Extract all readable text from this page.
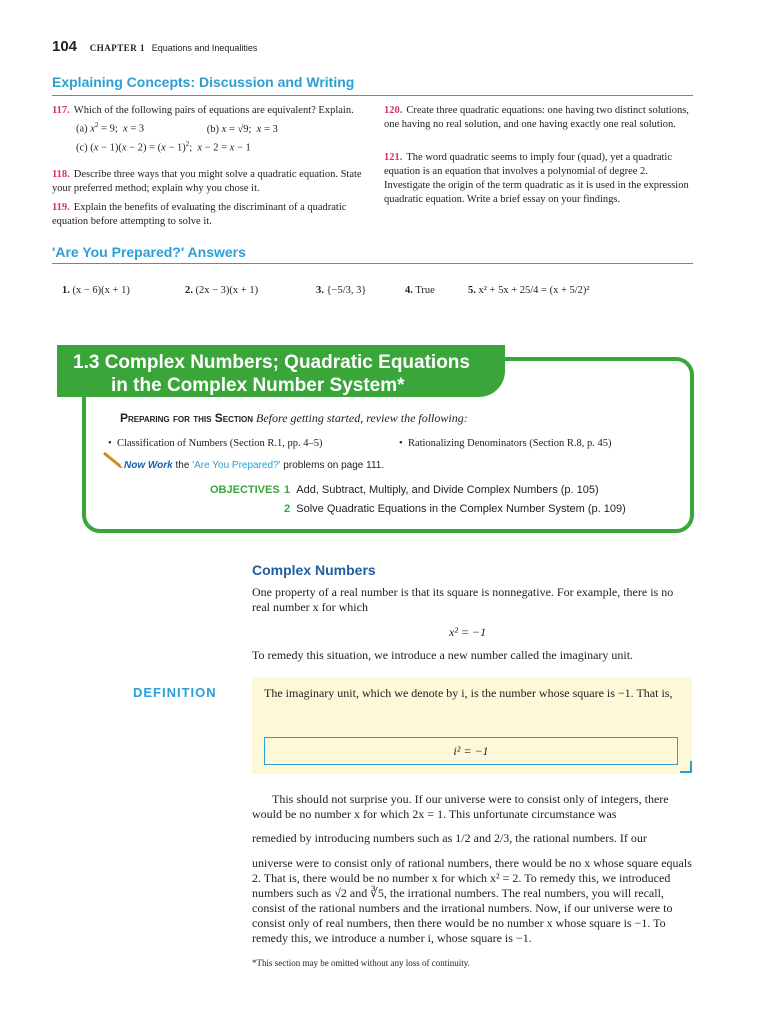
104 CHAPTER 1 Equations and Inequalities
Explaining Concepts: Discussion and Writing
117. Which of the following pairs of equations are equivalent? Explain.
(a) $x^2 = 9$;  x = 3	(b) x = √9;  x = 3
(c) $(x - 1)(x - 2) = (x - 1)^2$;  x − 2 = x − 1
118. Describe three ways that you might solve a quadratic equation. State your preferred method; explain why you chose it.
119. Explain the benefits of evaluating the discriminant of a quadratic equation before attempting to solve it.
120. Create three quadratic equations: one having two distinct solutions, one having no real solution, and one having exactly one real solution.
121. The word quadratic seems to imply four (quad), yet a quadratic equation is an equation that involves a polynomial of degree 2. Investigate the origin of the term quadratic as it is used in the expression quadratic equation. Write a brief essay on your findings.
'Are You Prepared?' Answers
1. (x − 6)(x + 1)	2. (2x − 3)(x + 1)	3. {−5/3, 3}	4. True	5. x² + 5x + 25/4 = (x + 5/2)²
1.3 Complex Numbers; Quadratic Equations
in the Complex Number System*
Preparing for this Section Before getting started, review the following:
•  Classification of Numbers (Section R.1, pp. 4–5)	•  Rationalizing Denominators (Section R.8, p. 45)
Now Work the 'Are You Prepared?' problems on page 111.
OBJECTIVES 1 Add, Subtract, Multiply, and Divide Complex Numbers (p. 105)
2 Solve Quadratic Equations in the Complex Number System (p. 109)
Complex Numbers
One property of a real number is that its square is nonnegative. For example, there is no real number x for which
x² = −1
To remedy this situation, we introduce a new number called the imaginary unit.
DEFINITION	The imaginary unit, which we denote by i, is the number whose square is −1. That is,
i² = −1
This should not surprise you. If our universe were to consist only of integers, there would be no number x for which 2x = 1. This unfortunate circumstance was
remedied by introducing numbers such as 1/2 and 2/3, the rational numbers. If our
universe were to consist only of rational numbers, there would be no x whose square equals 2. That is, there would be no number x for which x² = 2. To remedy this, we introduced numbers such as √2 and ∛5, the irrational numbers. The real numbers, you will recall, consist of the rational numbers and the irrational numbers. Now, if our universe were to consist only of real numbers, then there would be no number x whose square is −1. To remedy this, we introduce a number i, whose square is −1.
*This section may be omitted without any loss of continuity.
